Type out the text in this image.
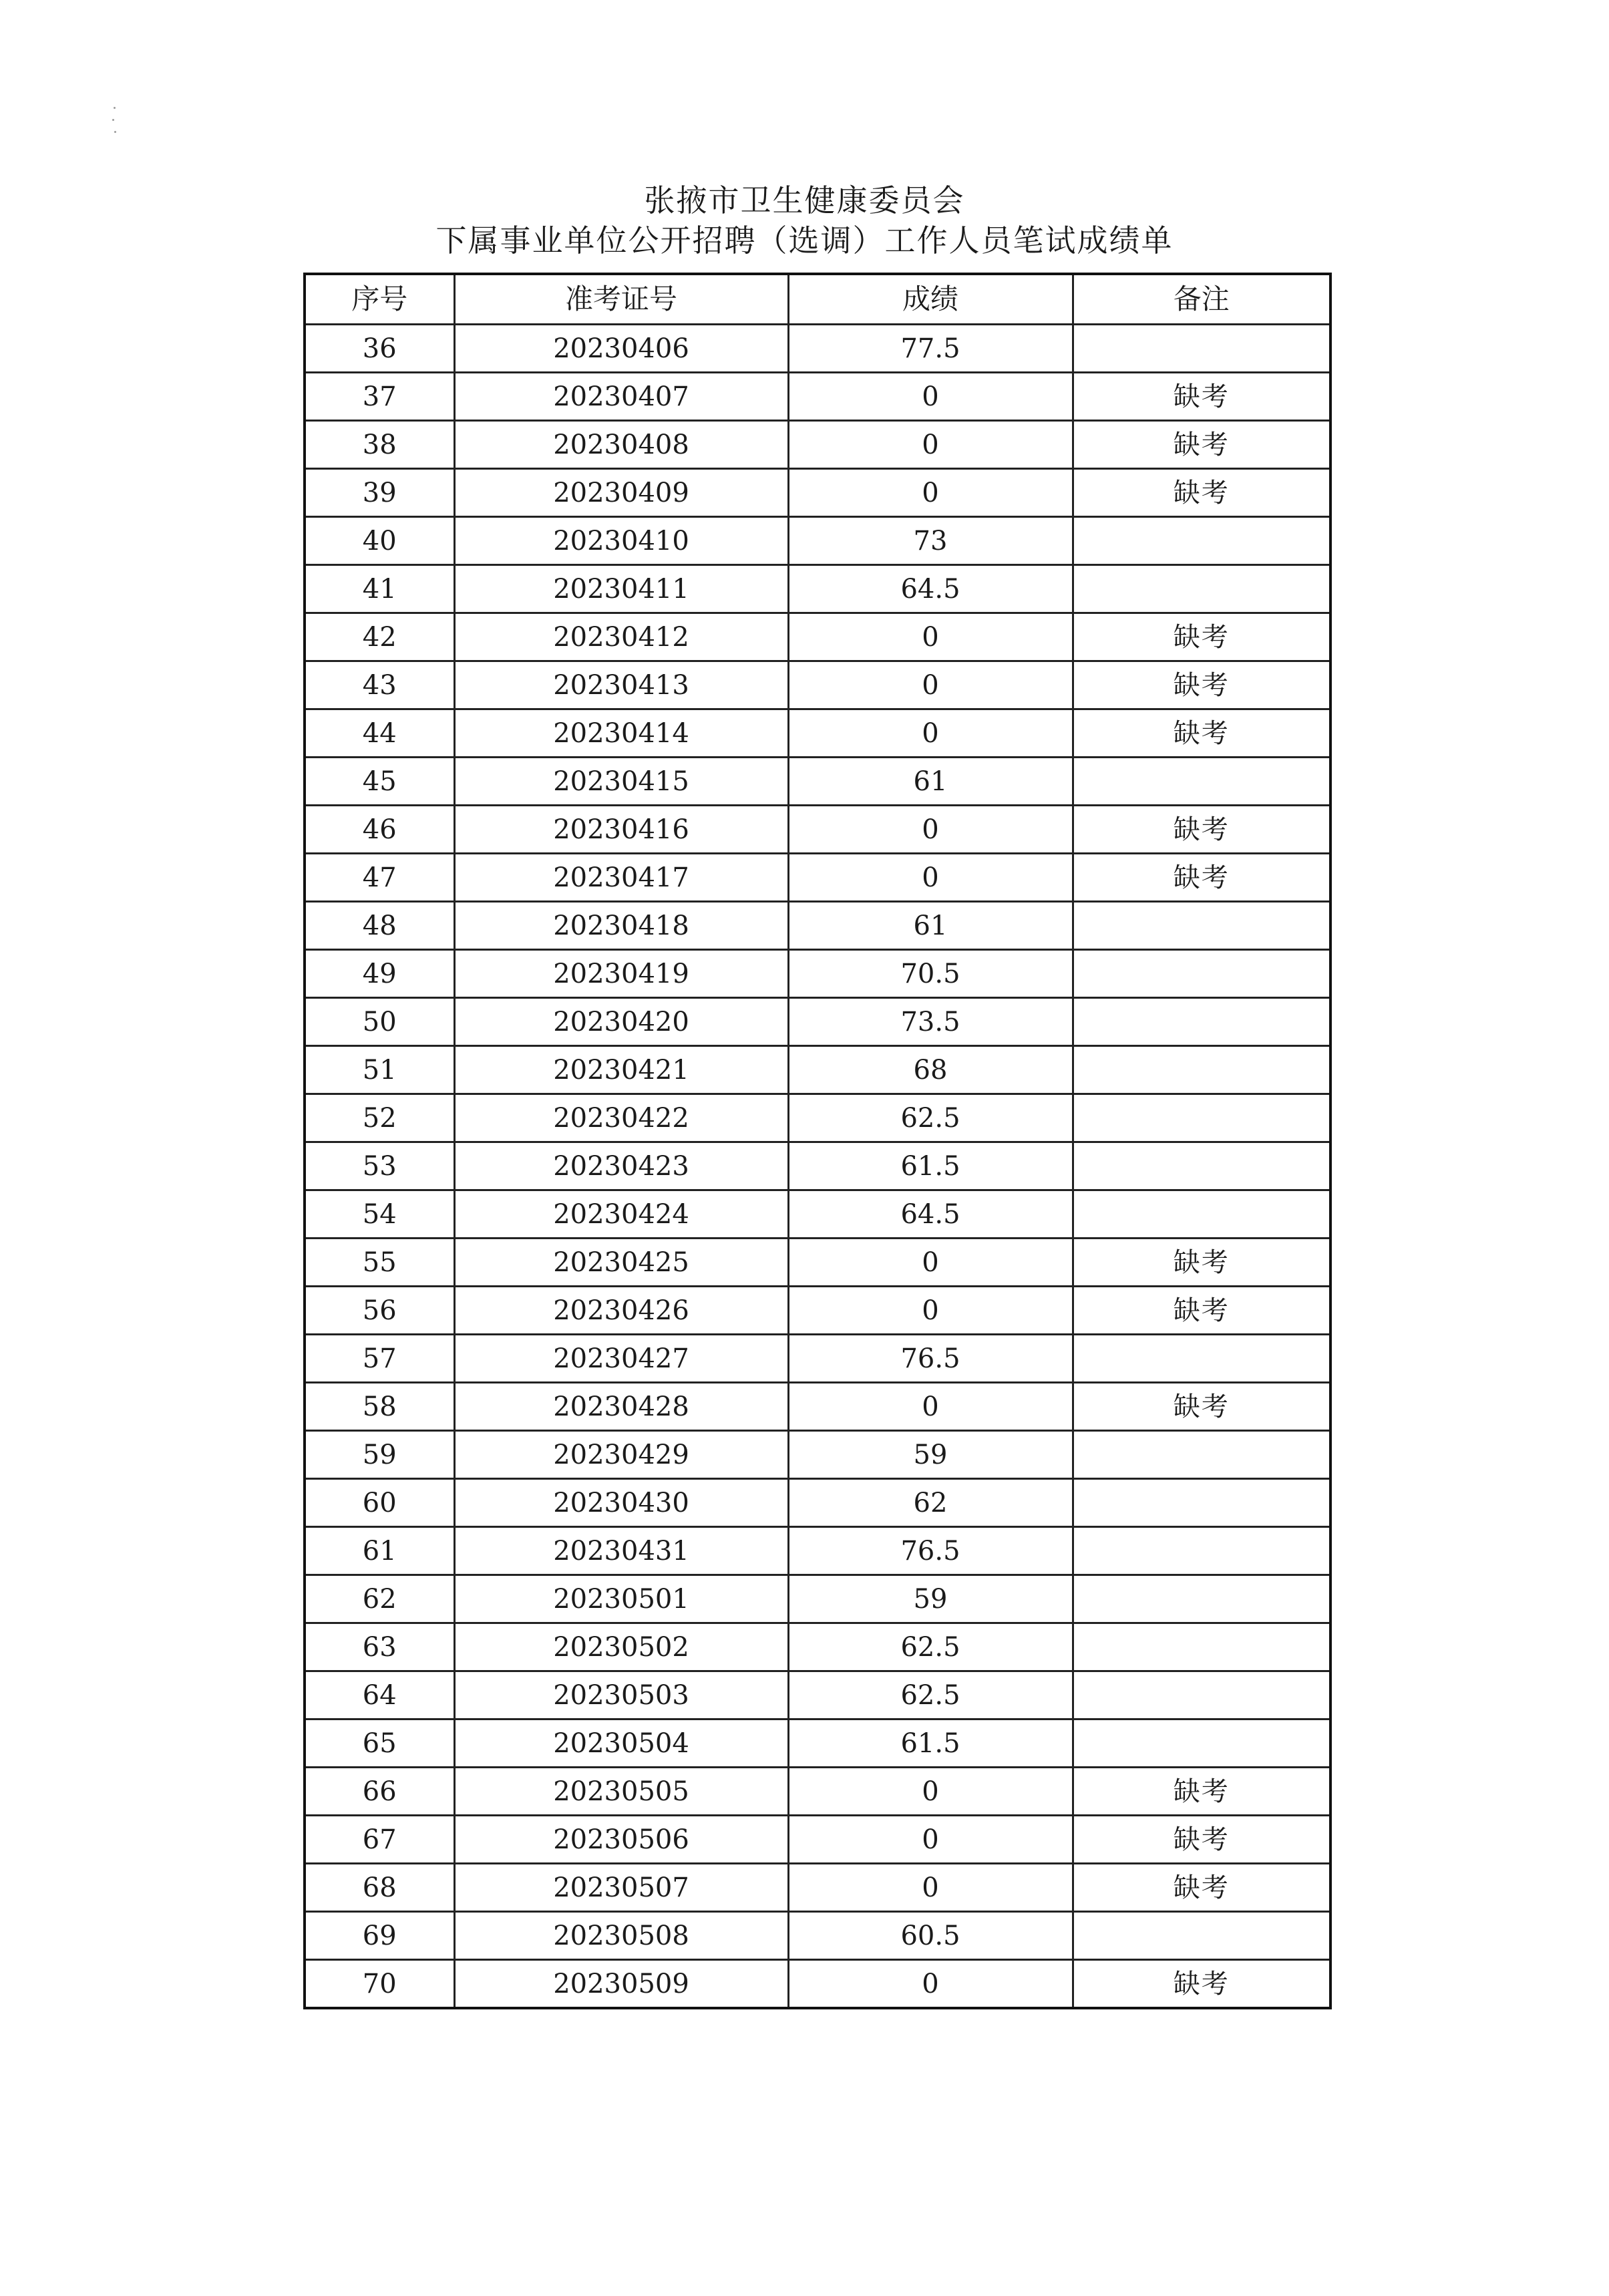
张掖市卫生健康委员会
下属事业单位公开招聘（选调）工作人员笔试成绩单
序号	准考证号	成绩	备注
36	20230406	77.5	
37	20230407	0	缺考
38	20230408	0	缺考
39	20230409	0	缺考
40	20230410	73	
41	20230411	64.5	
42	20230412	0	缺考
43	20230413	0	缺考
44	20230414	0	缺考
45	20230415	61	
46	20230416	0	缺考
47	20230417	0	缺考
48	20230418	61	
49	20230419	70.5	
50	20230420	73.5	
51	20230421	68	
52	20230422	62.5	
53	20230423	61.5	
54	20230424	64.5	
55	20230425	0	缺考
56	20230426	0	缺考
57	20230427	76.5	
58	20230428	0	缺考
59	20230429	59	
60	20230430	62	
61	20230431	76.5	
62	20230501	59	
63	20230502	62.5	
64	20230503	62.5	
65	20230504	61.5	
66	20230505	0	缺考
67	20230506	0	缺考
68	20230507	0	缺考
69	20230508	60.5	
70	20230509	0	缺考
